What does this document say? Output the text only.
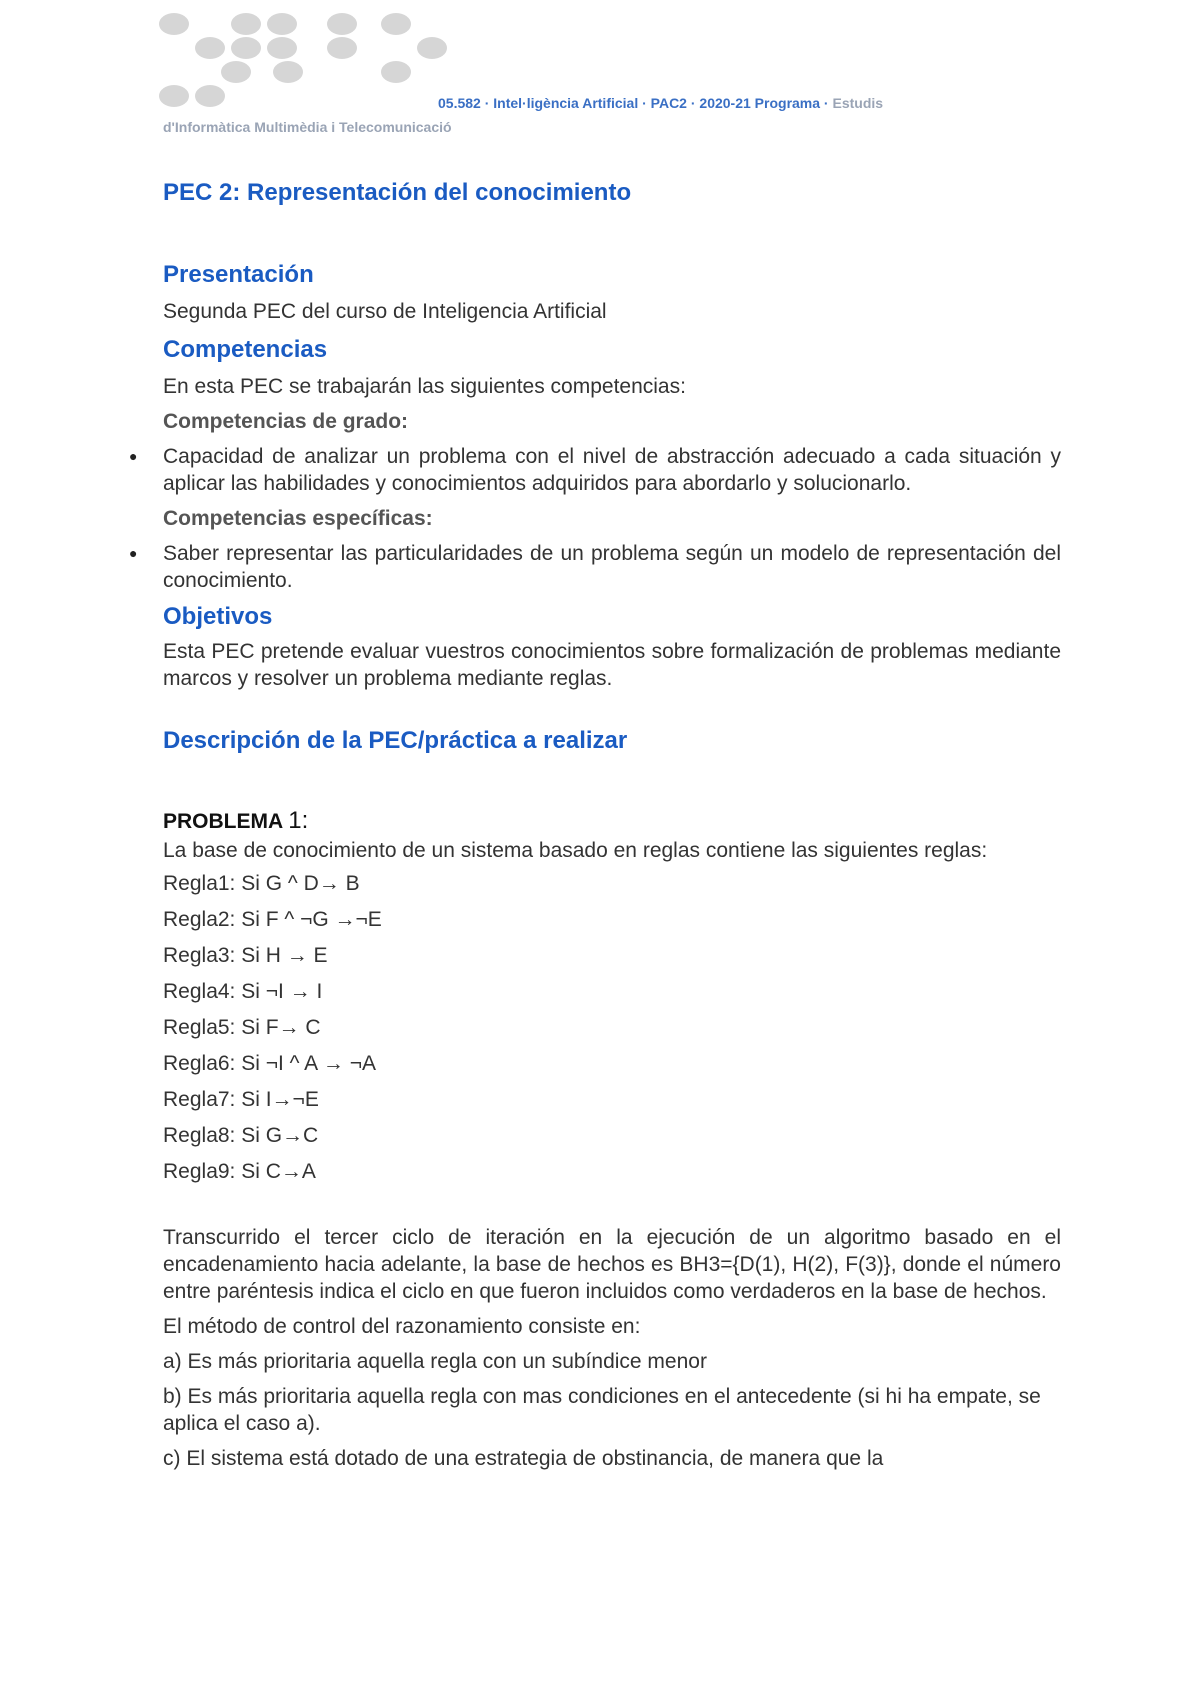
05.582 · Intel·ligència Artificial · PAC2 · 2020-21 Programa · Estudis
d'Informàtica Multimèdia i Telecomunicació
PEC 2: Representación del conocimiento
Presentación

Segunda PEC del curso de Inteligencia Artificial

Competencias

En esta PEC se trabajarán las siguientes competencias:

Competencias de grado:

● Capacidad de analizar un problema con el nivel de abstracción adecuado a cada situación y aplicar las habilidades y conocimientos adquiridos para abordarlo y solucionarlo.

Competencias específicas:

● Saber representar las particularidades de un problema según un modelo de representación del conocimiento.
Objetivos

Esta PEC pretende evaluar vuestros conocimientos sobre formalización de problemas mediante marcos y resolver un problema mediante reglas.

Descripción de la PEC/práctica a realizar
PROBLEMA 1:

La base de conocimiento de un sistema basado en reglas contiene las siguientes reglas:

Regla1: Si G ^ D→ B

Regla2: Si F ^ ¬G →¬E

Regla3: Si H → E

Regla4: Si ¬I → I

Regla5: Si F→ C

Regla6: Si ¬I ^ A → ¬A

Regla7: Si I→¬E

Regla8: Si G→C

Regla9: Si C→A

Transcurrido el tercer ciclo de iteración en la ejecución de un algoritmo basado en el encadenamiento hacia adelante, la base de hechos es BH3={D(1), H(2), F(3)}, donde el número entre paréntesis indica el ciclo en que fueron incluidos como verdaderos en la base de hechos.

El método de control del razonamiento consiste en:

a) Es más prioritaria aquella regla con un subíndice menor

b) Es más prioritaria aquella regla con mas condiciones en el antecedente (si hi ha empate, se aplica el caso a).

c) El sistema está dotado de una estrategia de obstinancia, de manera que la
